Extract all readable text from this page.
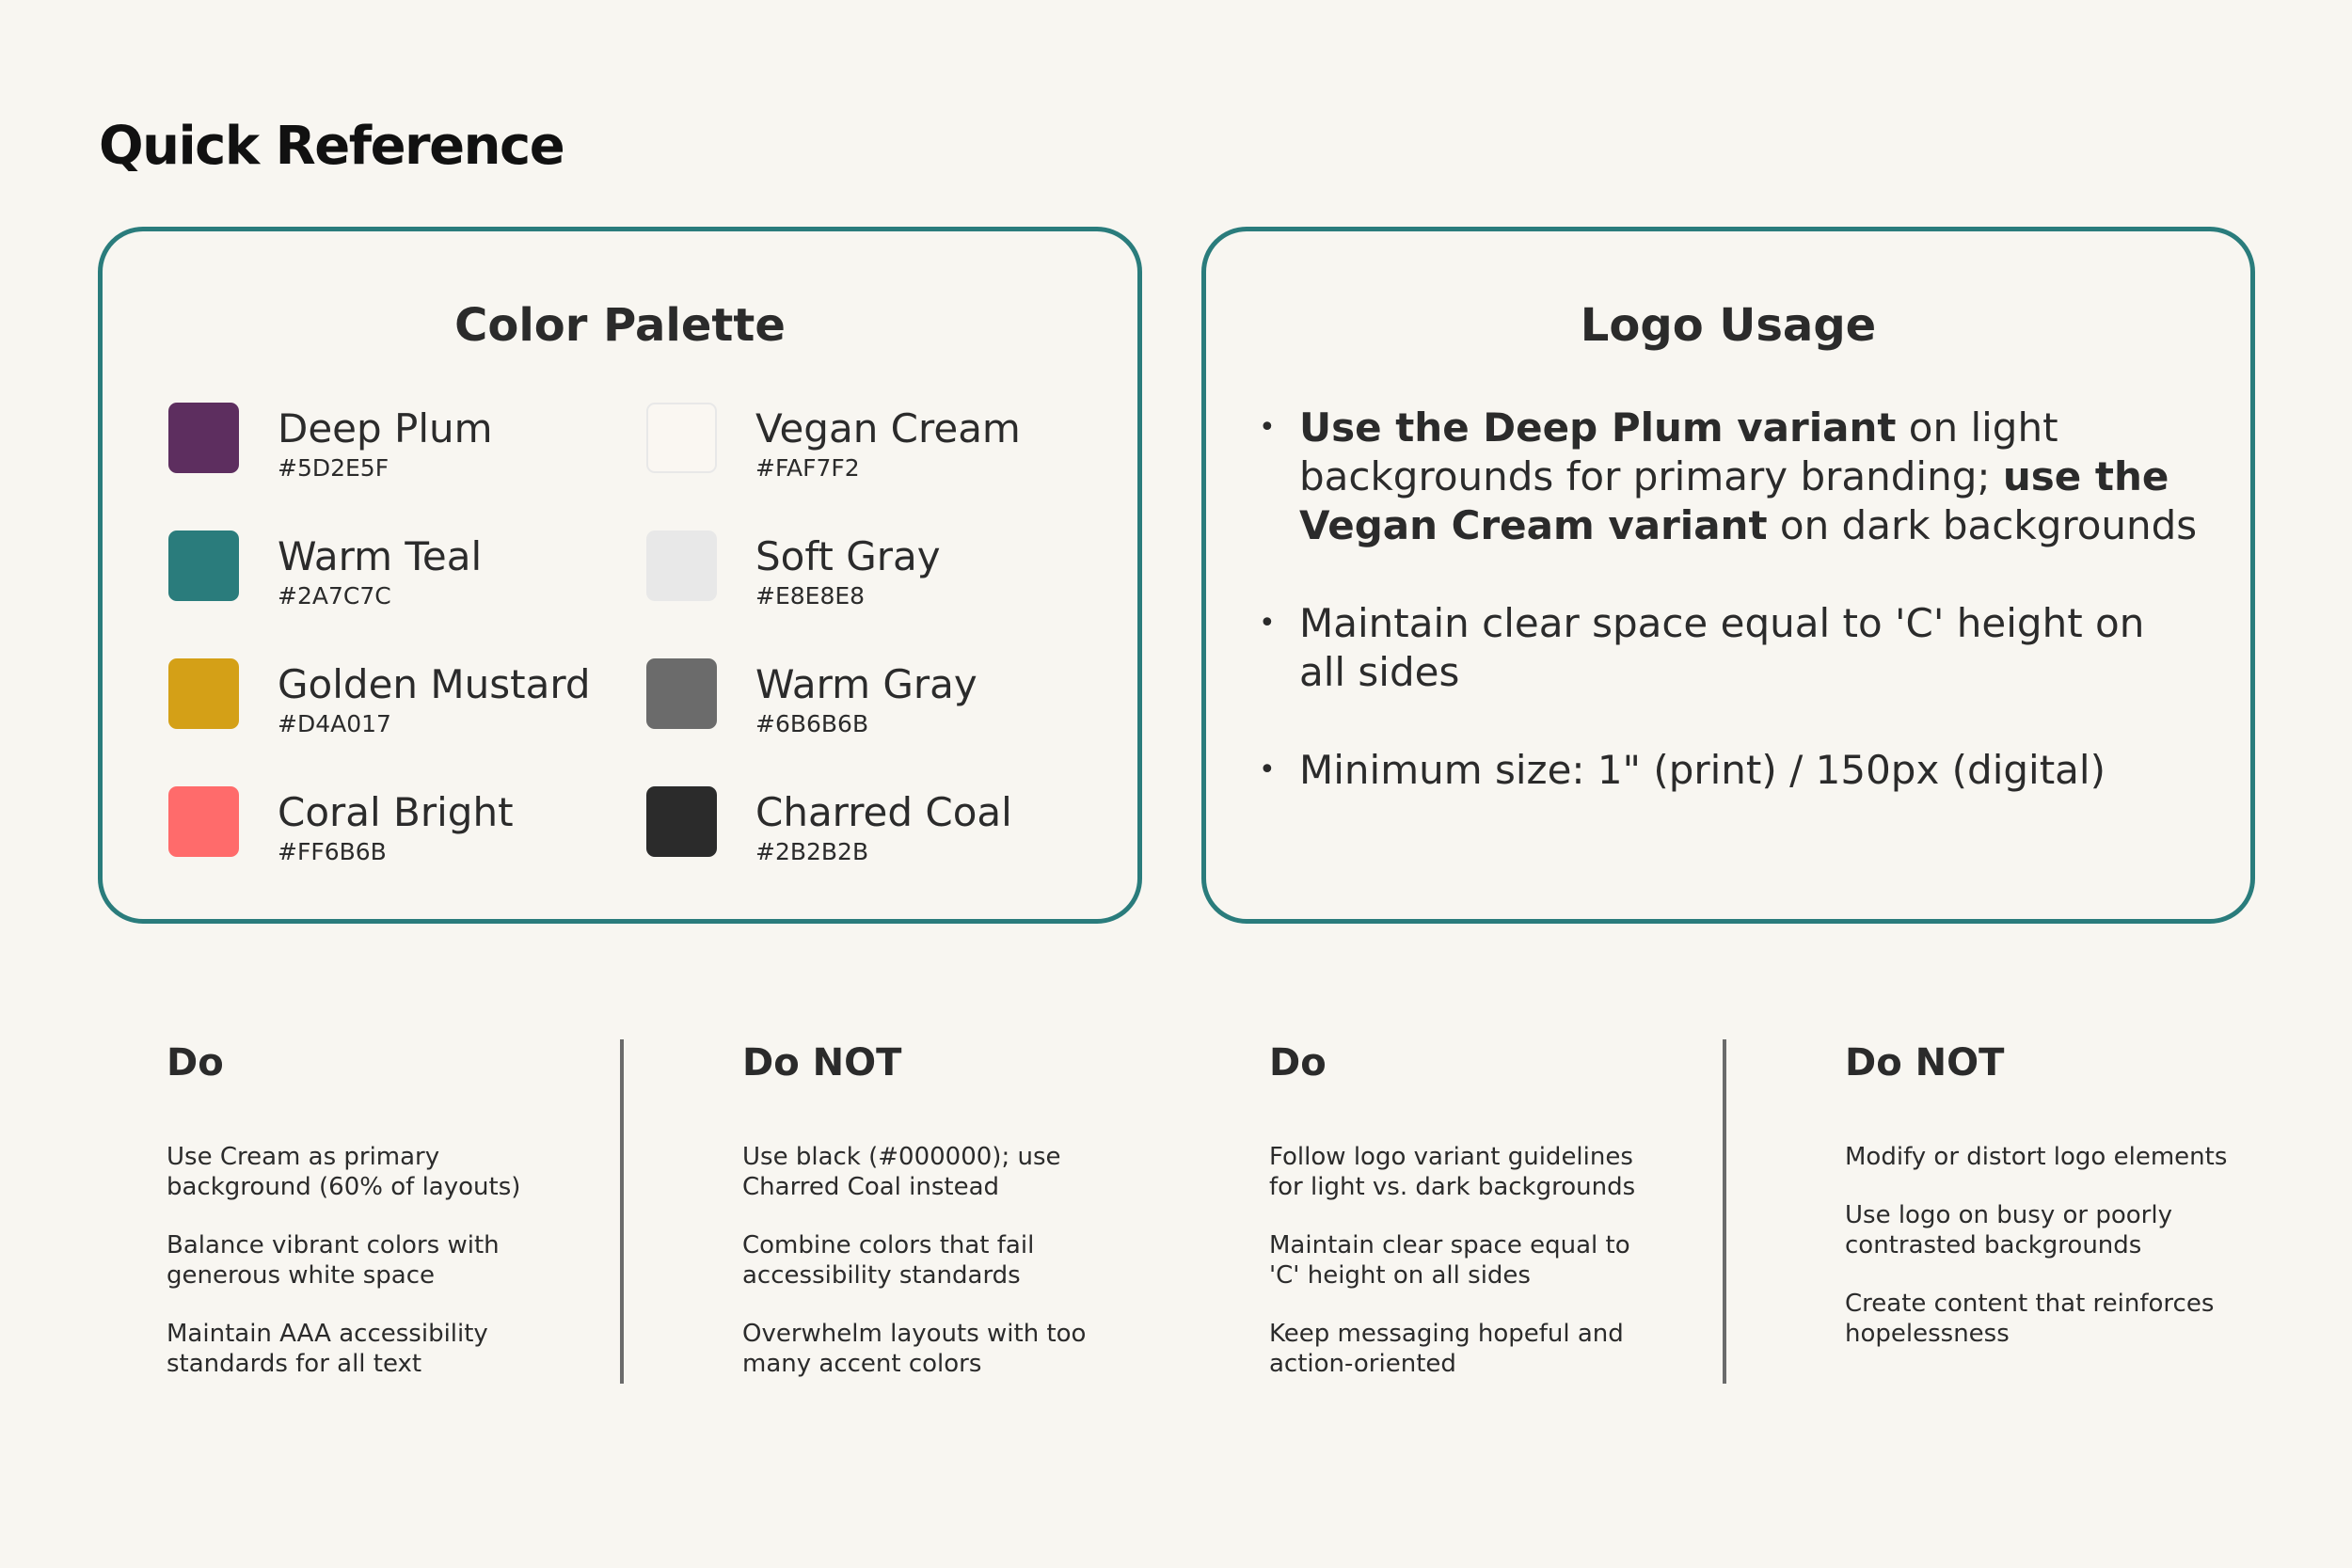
Quick Reference
Color Palette
Deep Plum
#5D2E5F
Vegan Cream
#FAF7F2
Warm Teal
#2A7C7C
Soft Gray
#E8E8E8
Golden Mustard
#D4A017
Warm Gray
#6B6B6B
Coral Bright
#FF6B6B
Charred Coal
#2B2B2B
Logo Usage
• Use the Deep Plum variant on light backgrounds for primary branding; use the Vegan Cream variant on dark backgrounds
• Maintain clear space equal to 'C' height on all sides
• Minimum size: 1" (print) / 150px (digital)
Do

Use Cream as primary background (60% of layouts)

Balance vibrant colors with generous white space

Maintain AAA accessibility standards for all text

Do NOT

Use black (#000000); use Charred Coal instead

Combine colors that fail accessibility standards

Overwhelm layouts with too many accent colors

Do

Follow logo variant guidelines for light vs. dark backgrounds

Maintain clear space equal to 'C' height on all sides

Keep messaging hopeful and action-oriented

Do NOT

Modify or distort logo elements

Use logo on busy or poorly contrasted backgrounds

Create content that reinforces hopelessness
